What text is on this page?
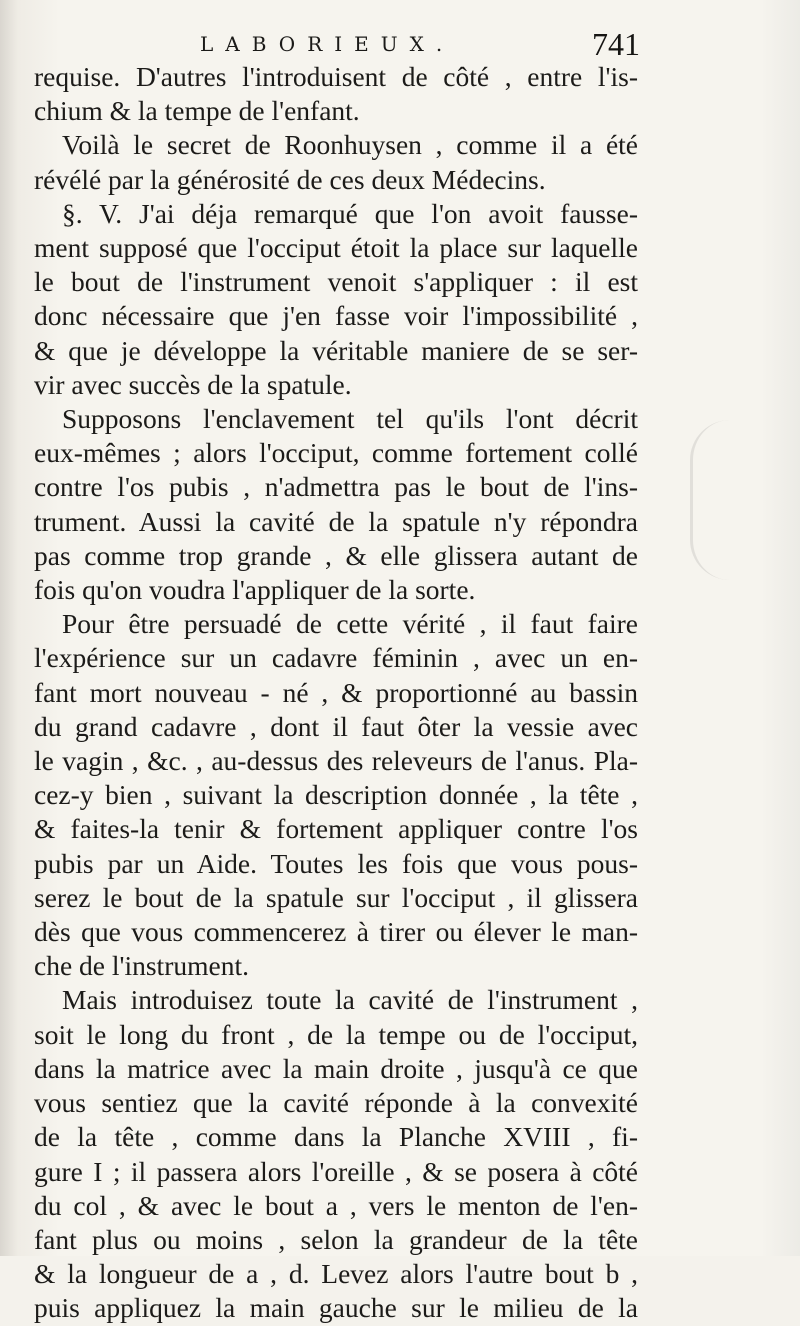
LABORIEUX.	741
requise. D'autres l'introduisent de côté , entre l'is-
chium & la tempe de l'enfant.
Voilà le secret de Roonhuysen , comme il a été
révélé par la générosité de ces deux Médecins.
§. V. J'ai déja remarqué que l'on avoit fausse-
ment supposé que l'occiput étoit la place sur laquelle
le bout de l'instrument venoit s'appliquer : il est
donc nécessaire que j'en fasse voir l'impossibilité ,
& que je développe la véritable maniere de se ser-
vir avec succès de la spatule.
Supposons l'enclavement tel qu'ils l'ont décrit
eux-mêmes ; alors l'occiput, comme fortement collé
contre l'os pubis , n'admettra pas le bout de l'ins-
trument. Aussi la cavité de la spatule n'y répondra
pas comme trop grande , & elle glissera autant de
fois qu'on voudra l'appliquer de la sorte.
Pour être persuadé de cette vérité , il faut faire
l'expérience sur un cadavre féminin , avec un en-
fant mort nouveau - né , & proportionné au bassin
du grand cadavre , dont il faut ôter la vessie avec
le vagin , &c. , au-dessus des releveurs de l'anus. Pla-
cez-y bien , suivant la description donnée , la tête ,
& faites-la tenir & fortement appliquer contre l'os
pubis par un Aide. Toutes les fois que vous pous-
serez le bout de la spatule sur l'occiput , il glissera
dès que vous commencerez à tirer ou élever le man-
che de l'instrument.
Mais introduisez toute la cavité de l'instrument ,
soit le long du front , de la tempe ou de l'occiput,
dans la matrice avec la main droite , jusqu'à ce que
vous sentiez que la cavité réponde à la convexité
de la tête , comme dans la Planche XVIII , fi-
gure I ; il passera alors l'oreille , & se posera à côté
du col , & avec le bout a , vers le menton de l'en-
fant plus ou moins , selon la grandeur de la tête
& la longueur de a , d. Levez alors l'autre bout b ,
puis appliquez la main gauche sur le milieu de la
